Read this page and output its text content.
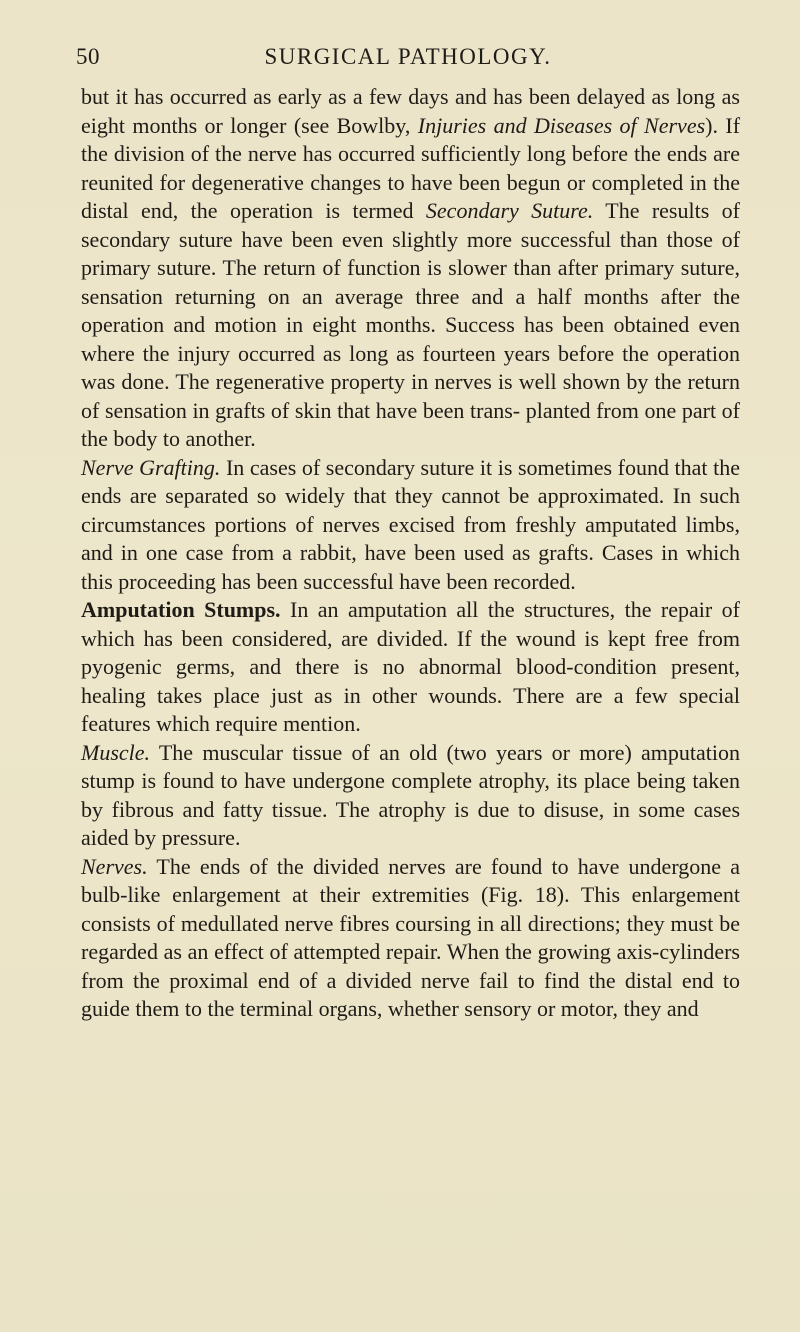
50	SURGICAL PATHOLOGY.

but it has occurred as early as a few days and has been delayed as long as eight months or longer (see Bowlby, Injuries and Diseases of Nerves). If the division of the nerve has occurred sufficiently long before the ends are reunited for degenerative changes to have been begun or completed in the distal end, the operation is termed Secondary Suture. The results of secondary suture have been even slightly more successful than those of primary suture. The return of function is slower than after primary suture, sensation returning on an average three and a half months after the operation and motion in eight months. Success has been obtained even where the injury occurred as long as fourteen years before the operation was done. The regenerative property in nerves is well shown by the return of sensation in grafts of skin that have been trans- planted from one part of the body to another.

Nerve Grafting. In cases of secondary suture it is sometimes found that the ends are separated so widely that they cannot be approximated. In such circumstances portions of nerves excised from freshly amputated limbs, and in one case from a rabbit, have been used as grafts. Cases in which this proceeding has been successful have been recorded.

Amputation Stumps. In an amputation all the structures, the repair of which has been considered, are divided. If the wound is kept free from pyogenic germs, and there is no abnormal blood-condition present, healing takes place just as in other wounds. There are a few special features which require mention.

Muscle. The muscular tissue of an old (two years or more) amputation stump is found to have undergone complete atrophy, its place being taken by fibrous and fatty tissue. The atrophy is due to disuse, in some cases aided by pressure.

Nerves. The ends of the divided nerves are found to have undergone a bulb-like enlargement at their extremities (Fig. 18). This enlargement consists of medullated nerve fibres coursing in all directions; they must be regarded as an effect of attempted repair. When the growing axis-cylinders from the proximal end of a divided nerve fail to find the distal end to guide them to the terminal organs, whether sensory or motor, they and
